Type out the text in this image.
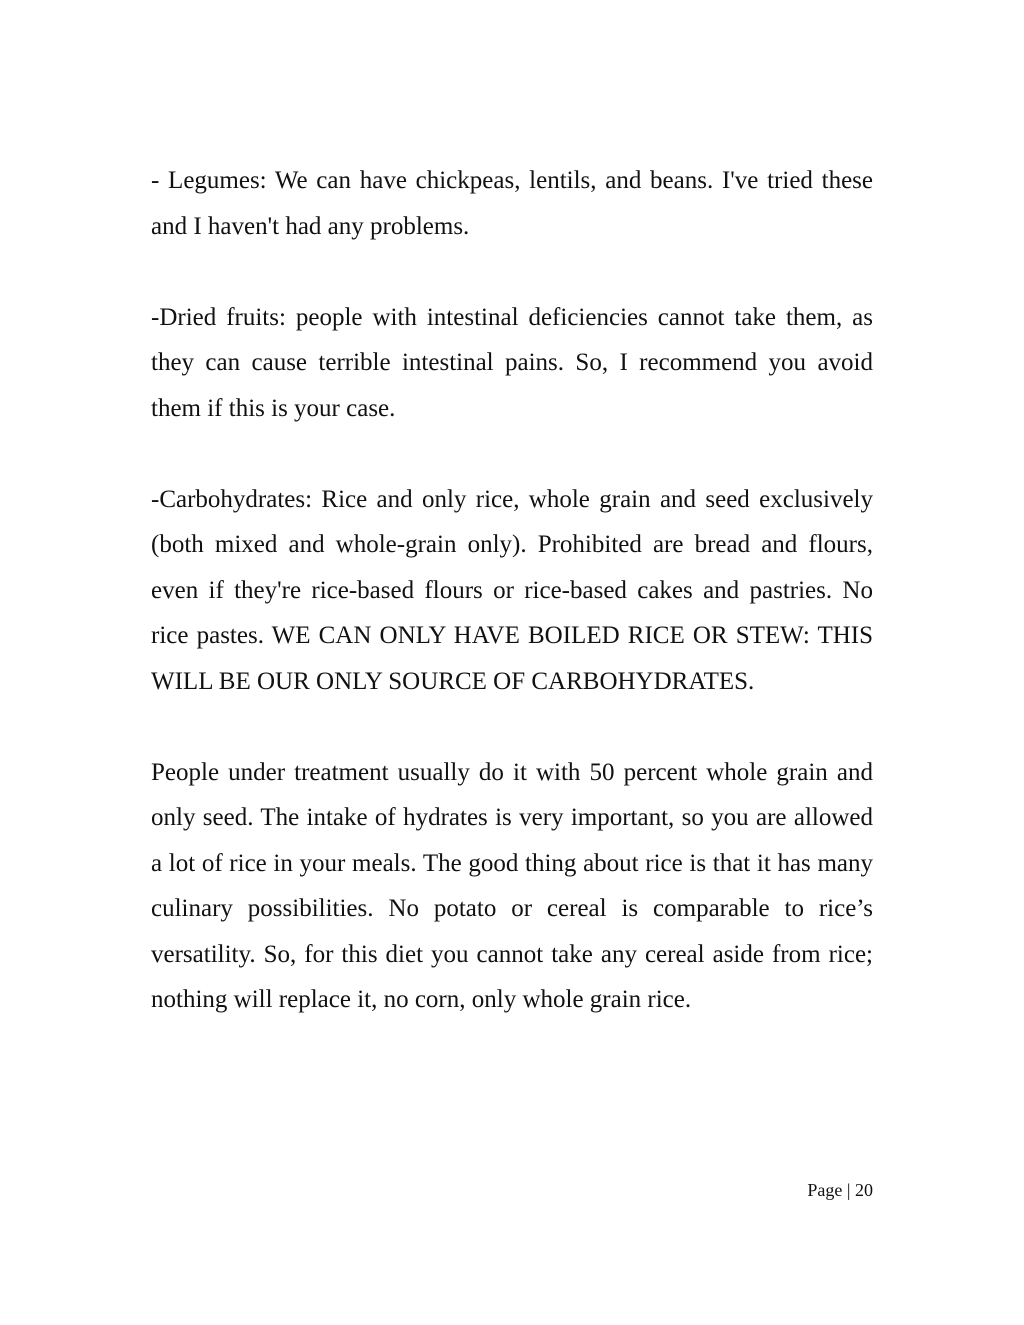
- Legumes: We can have chickpeas, lentils, and beans. I've tried these and I haven't had any problems.

-Dried fruits: people with intestinal deficiencies cannot take them, as they can cause terrible intestinal pains. So, I recommend you avoid them if this is your case.

-Carbohydrates: Rice and only rice, whole grain and seed exclusively (both mixed and whole-grain only). Prohibited are bread and flours, even if they're rice-based flours or rice-based cakes and pastries. No rice pastes. WE CAN ONLY HAVE BOILED RICE OR STEW: THIS WILL BE OUR ONLY SOURCE OF CARBOHYDRATES.

People under treatment usually do it with 50 percent whole grain and only seed. The intake of hydrates is very important, so you are allowed a lot of rice in your meals. The good thing about rice is that it has many culinary possibilities. No potato or cereal is comparable to rice’s versatility. So, for this diet you cannot take any cereal aside from rice; nothing will replace it, no corn, only whole grain rice.

Page | 20
